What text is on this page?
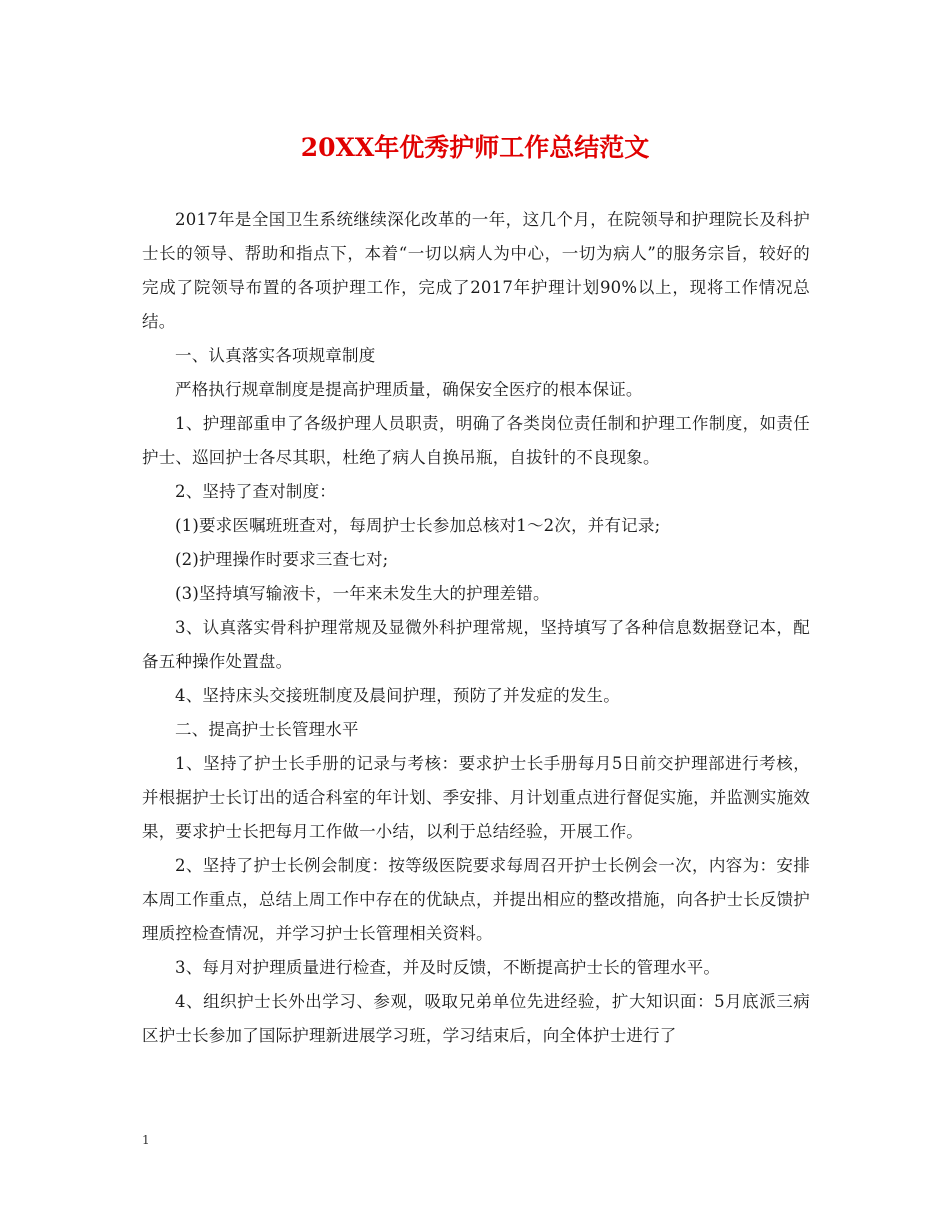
20XX年优秀护师工作总结范文

2017年是全国卫生系统继续深化改革的一年，这几个月，在院领导和护理院长及科护士长的领导、帮助和指点下，本着“一切以病人为中心，一切为病人”的服务宗旨，较好的完成了院领导布置的各项护理工作，完成了2017年护理计划90%以上，现将工作情况总结。

一、认真落实各项规章制度

严格执行规章制度是提高护理质量，确保安全医疗的根本保证。

1、护理部重申了各级护理人员职责，明确了各类岗位责任制和护理工作制度，如责任护士、巡回护士各尽其职，杜绝了病人自换吊瓶，自拔针的不良现象。

2、坚持了查对制度：

(1)要求医嘱班班查对，每周护士长参加总核对1～2次，并有记录;

(2)护理操作时要求三查七对;

(3)坚持填写输液卡，一年来未发生大的护理差错。

3、认真落实骨科护理常规及显微外科护理常规，坚持填写了各种信息数据登记本，配备五种操作处置盘。

4、坚持床头交接班制度及晨间护理，预防了并发症的发生。

二、提高护士长管理水平

1、坚持了护士长手册的记录与考核：要求护士长手册每月5日前交护理部进行考核，并根据护士长订出的适合科室的年计划、季安排、月计划重点进行督促实施，并监测实施效果，要求护士长把每月工作做一小结，以利于总结经验，开展工作。

2、坚持了护士长例会制度：按等级医院要求每周召开护士长例会一次，内容为：安排本周工作重点，总结上周工作中存在的优缺点，并提出相应的整改措施，向各护士长反馈护理质控检查情况，并学习护士长管理相关资料。

3、每月对护理质量进行检查，并及时反馈，不断提高护士长的管理水平。

4、组织护士长外出学习、参观，吸取兄弟单位先进经验，扩大知识面：5月底派三病区护士长参加了国际护理新进展学习班，学习结束后，向全体护士进行了

1
